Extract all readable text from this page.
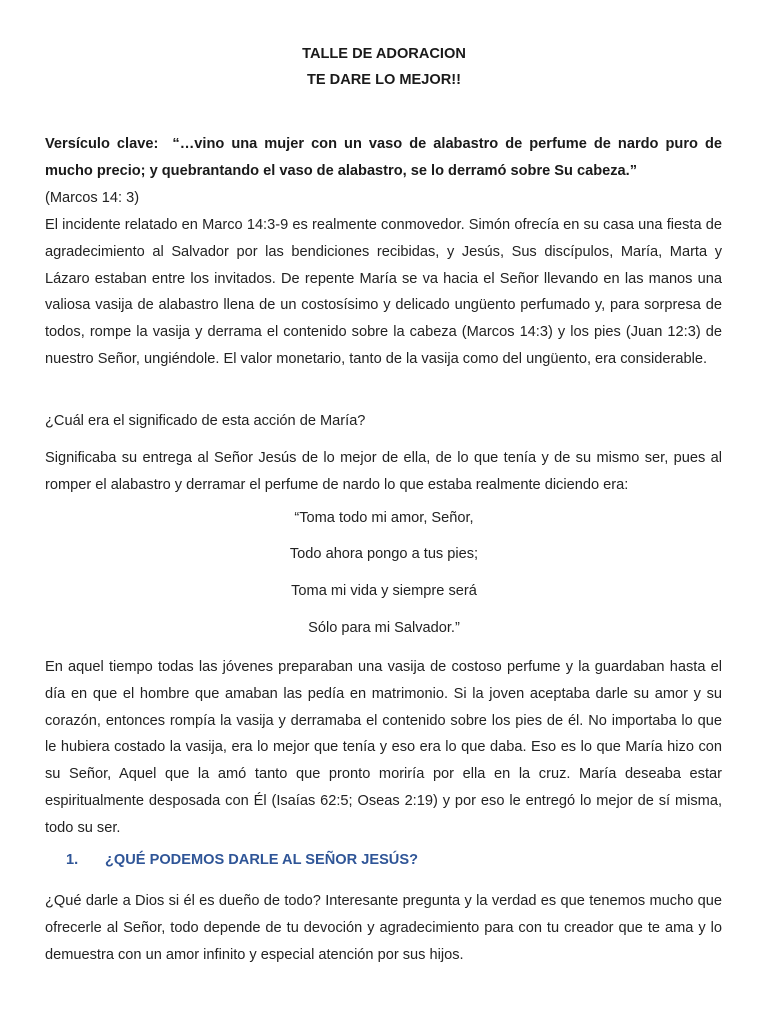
TALLE DE ADORACION
TE DARE LO MEJOR!!

Versículo clave: “…vino una mujer con un vaso de alabastro de perfume de nardo puro de mucho precio; y quebrantando el vaso de alabastro, se lo derramó sobre Su cabeza.”
(Marcos 14: 3)

El incidente relatado en Marco 14:3-9 es realmente conmovedor. Simón ofrecía en su casa una fiesta de agradecimiento al Salvador por las bendiciones recibidas, y Jesús, Sus discípulos, María, Marta y Lázaro estaban entre los invitados. De repente María se va hacia el Señor llevando en las manos una valiosa vasija de alabastro llena de un costosísimo y delicado ungüento perfumado y, para sorpresa de todos, rompe la vasija y derrama el contenido sobre la cabeza (Marcos 14:3) y los pies (Juan 12:3) de nuestro Señor, ungiéndole. El valor monetario, tanto de la vasija como del ungüento, era considerable.

¿Cuál era el significado de esta acción de María?

Significaba su entrega al Señor Jesús de lo mejor de ella, de lo que tenía y de su mismo ser, pues al romper el alabastro y derramar el perfume de nardo lo que estaba realmente diciendo era:

“Toma todo mi amor, Señor,

Todo ahora pongo a tus pies;

Toma mi vida y siempre será

Sólo para mi Salvador.”

En aquel tiempo todas las jóvenes preparaban una vasija de costoso perfume y la guardaban hasta el día en que el hombre que amaban las pedía en matrimonio. Si la joven aceptaba darle su amor y su corazón, entonces rompía la vasija y derramaba el contenido sobre los pies de él. No importaba lo que le hubiera costado la vasija, era lo mejor que tenía y eso era lo que daba. Eso es lo que María hizo con su Señor, Aquel que la amó tanto que pronto moriría por ella en la cruz. María deseaba estar espiritualmente desposada con Él (Isaías 62:5; Oseas 2:19) y por eso le entregó lo mejor de sí misma, todo su ser.

1. ¿QUÉ PODEMOS DARLE AL SEÑOR JESÚS?

¿Qué darle a Dios si él es dueño de todo? Interesante pregunta y la verdad es que tenemos mucho que ofrecerle al Señor, todo depende de tu devoción y agradecimiento para con tu creador que te ama y lo demuestra con un amor infinito y especial atención por sus hijos.
